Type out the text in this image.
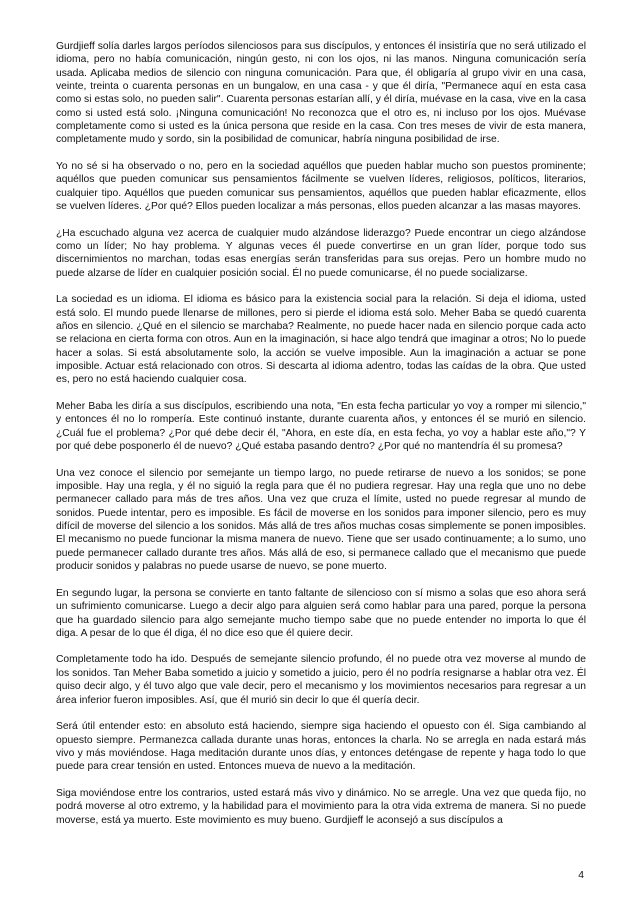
Gurdjieff solía darles largos períodos silenciosos para sus discípulos, y entonces él insistiría que no será utilizado el idioma, pero no había comunicación, ningún gesto, ni con los ojos, ni las manos. Ninguna comunicación sería usada. Aplicaba medios de silencio con ninguna comunicación. Para que, él obligaría al grupo vivir en una casa, veinte, treinta o cuarenta personas en un bungalow, en una casa - y que él diría, "Permanece aquí en esta casa como si estas solo, no pueden salir". Cuarenta personas estarían allí, y él diría, muévase en la casa, vive en la casa como si usted está solo. ¡Ninguna comunicación! No reconozca que el otro es, ni incluso por los ojos. Muévase completamente como si usted es la única persona que reside en la casa. Con tres meses de vivir de esta manera, completamente mudo y sordo, sin la posibilidad de comunicar, habría ninguna posibilidad de irse.

Yo no sé si ha observado o no, pero en la sociedad aquéllos que pueden hablar mucho son puestos prominente; aquéllos que pueden comunicar sus pensamientos fácilmente se vuelven líderes, religiosos, políticos, literarios, cualquier tipo. Aquéllos que pueden comunicar sus pensamientos, aquéllos que pueden hablar eficazmente, ellos se vuelven líderes. ¿Por qué? Ellos pueden localizar a más personas, ellos pueden alcanzar a las masas mayores.

¿Ha escuchado alguna vez acerca de cualquier mudo alzándose liderazgo? Puede encontrar un ciego alzándose como un líder; No hay problema. Y algunas veces él puede convertirse en un gran líder, porque todo sus discernimientos no marchan, todas esas energías serán transferidas para sus orejas. Pero un hombre mudo no puede alzarse de líder en cualquier posición social. Él no puede comunicarse, él no puede socializarse.

La sociedad es un idioma. El idioma es básico para la existencia social para la relación. Si deja el idioma, usted está solo. El mundo puede llenarse de millones, pero si pierde el idioma está solo. Meher Baba se quedó cuarenta años en silencio. ¿Qué en el silencio se marchaba? Realmente, no puede hacer nada en silencio porque cada acto se relaciona en cierta forma con otros. Aun en la imaginación, si hace algo tendrá que imaginar a otros; No lo puede hacer a solas. Si está absolutamente solo, la acción se vuelve imposible. Aun la imaginación a actuar se pone imposible. Actuar está relacionado con otros. Si descarta al idioma adentro, todas las caídas de la obra. Que usted es, pero no está haciendo cualquier cosa.

Meher Baba les diría a sus discípulos, escribiendo una nota, "En esta fecha particular yo voy a romper mi silencio," y entonces él no lo rompería. Este continuó instante, durante cuarenta años, y entonces él se murió en silencio. ¿Cuál fue el problema? ¿Por qué debe decir él, "Ahora, en este día, en esta fecha, yo voy a hablar este año,"? Y por qué debe posponerlo él de nuevo? ¿Qué estaba pasando dentro? ¿Por qué no mantendría él su promesa?

Una vez conoce el silencio por semejante un tiempo largo, no puede retirarse de nuevo a los sonidos; se pone imposible. Hay una regla, y él no siguió la regla para que él no pudiera regresar. Hay una regla que uno no debe permanecer callado para más de tres años. Una vez que cruza el límite, usted no puede regresar al mundo de sonidos. Puede intentar, pero es imposible. Es fácil de moverse en los sonidos para imponer silencio, pero es muy difícil de moverse del silencio a los sonidos. Más allá de tres años muchas cosas simplemente se ponen imposibles. El mecanismo no puede funcionar la misma manera de nuevo. Tiene que ser usado continuamente; a lo sumo, uno puede permanecer callado durante tres años. Más allá de eso, si permanece callado que el mecanismo que puede producir sonidos y palabras no puede usarse de nuevo, se pone muerto.

En segundo lugar, la persona se convierte en tanto faltante de silencioso con sí mismo a solas que eso ahora será un sufrimiento comunicarse. Luego a decir algo para alguien será como hablar para una pared, porque la persona que ha guardado silencio para algo semejante mucho tiempo sabe que no puede entender no importa lo que él diga. A pesar de lo que él diga, él no dice eso que él quiere decir.

Completamente todo ha ido. Después de semejante silencio profundo, él no puede otra vez moverse al mundo de los sonidos. Tan Meher Baba sometido a juicio y sometido a juicio, pero él no podría resignarse a hablar otra vez. Él quiso decir algo, y él tuvo algo que vale decir, pero el mecanismo y los movimientos necesarios para regresar a un área inferior fueron imposibles. Así, que él murió sin decir lo que él quería decir.

Será útil entender esto: en absoluto está haciendo, siempre siga haciendo el opuesto con él. Siga cambiando al opuesto siempre. Permanezca callada durante unas horas, entonces la charla. No se arregla en nada estará más vivo y más moviéndose. Haga meditación durante unos días, y entonces deténgase de repente y haga todo lo que puede para crear tensión en usted. Entonces mueva de nuevo a la meditación.

Siga moviéndose entre los contrarios, usted estará más vivo y dinámico. No se arregle. Una vez que queda fijo, no podrá moverse al otro extremo, y la habilidad para el movimiento para la otra vida extrema de manera. Si no puede moverse, está ya muerto. Este movimiento es muy bueno. Gurdjieff le aconsejó a sus discípulos a

4
